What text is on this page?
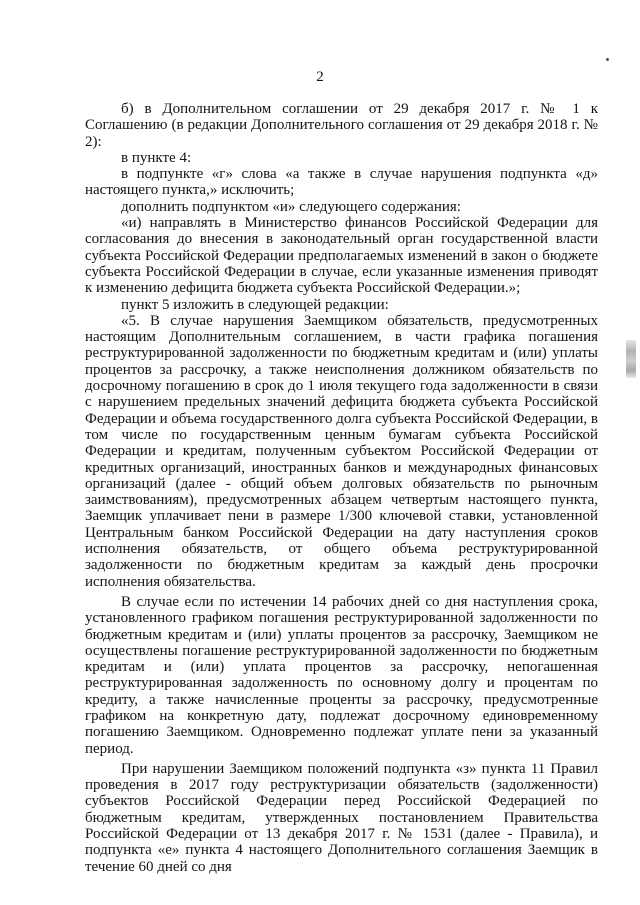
2

б) в Дополнительном соглашении от 29 декабря 2017 г. № 1 к Соглашению (в редакции Дополнительного соглашения от 29 декабря 2018 г. № 2):

в пункте 4:

в подпункте «г» слова «а также в случае нарушения подпункта «д» настоящего пункта,» исключить;

дополнить подпунктом «и» следующего содержания:

«и) направлять в Министерство финансов Российской Федерации для согласования до внесения в законодательный орган государственной власти субъекта Российской Федерации предполагаемых изменений в закон о бюджете субъекта Российской Федерации в случае, если указанные изменения приводят к изменению дефицита бюджета субъекта Российской Федерации.»;

пункт 5 изложить в следующей редакции:

«5. В случае нарушения Заемщиком обязательств, предусмотренных настоящим Дополнительным соглашением, в части графика погашения реструктурированной задолженности по бюджетным кредитам и (или) уплаты процентов за рассрочку, а также неисполнения должником обязательств по досрочному погашению в срок до 1 июля текущего года задолженности в связи с нарушением предельных значений дефицита бюджета субъекта Российской Федерации и объема государственного долга субъекта Российской Федерации, в том числе по государственным ценным бумагам субъекта Российской Федерации и кредитам, полученным субъектом Российской Федерации от кредитных организаций, иностранных банков и международных финансовых организаций (далее - общий объем долговых обязательств по рыночным заимствованиям), предусмотренных абзацем четвертым настоящего пункта, Заемщик уплачивает пени в размере 1/300 ключевой ставки, установленной Центральным банком Российской Федерации на дату наступления сроков исполнения обязательств, от общего объема реструктурированной задолженности по бюджетным кредитам за каждый день просрочки исполнения обязательства.

В случае если по истечении 14 рабочих дней со дня наступления срока, установленного графиком погашения реструктурированной задолженности по бюджетным кредитам и (или) уплаты процентов за рассрочку, Заемщиком не осуществлены погашение реструктурированной задолженности по бюджетным кредитам и (или) уплата процентов за рассрочку, непогашенная реструктурированная задолженность по основному долгу и процентам по кредиту, а также начисленные проценты за рассрочку, предусмотренные графиком на конкретную дату, подлежат досрочному единовременному погашению Заемщиком. Одновременно подлежат уплате пени за указанный период.

При нарушении Заемщиком положений подпункта «з» пункта 11 Правил проведения в 2017 году реструктуризации обязательств (задолженности) субъектов Российской Федерации перед Российской Федерацией по бюджетным кредитам, утвержденных постановлением Правительства Российской Федерации от 13 декабря 2017 г. № 1531 (далее - Правила), и подпункта «е» пункта 4 настоящего Дополнительного соглашения Заемщик в течение 60 дней со дня
